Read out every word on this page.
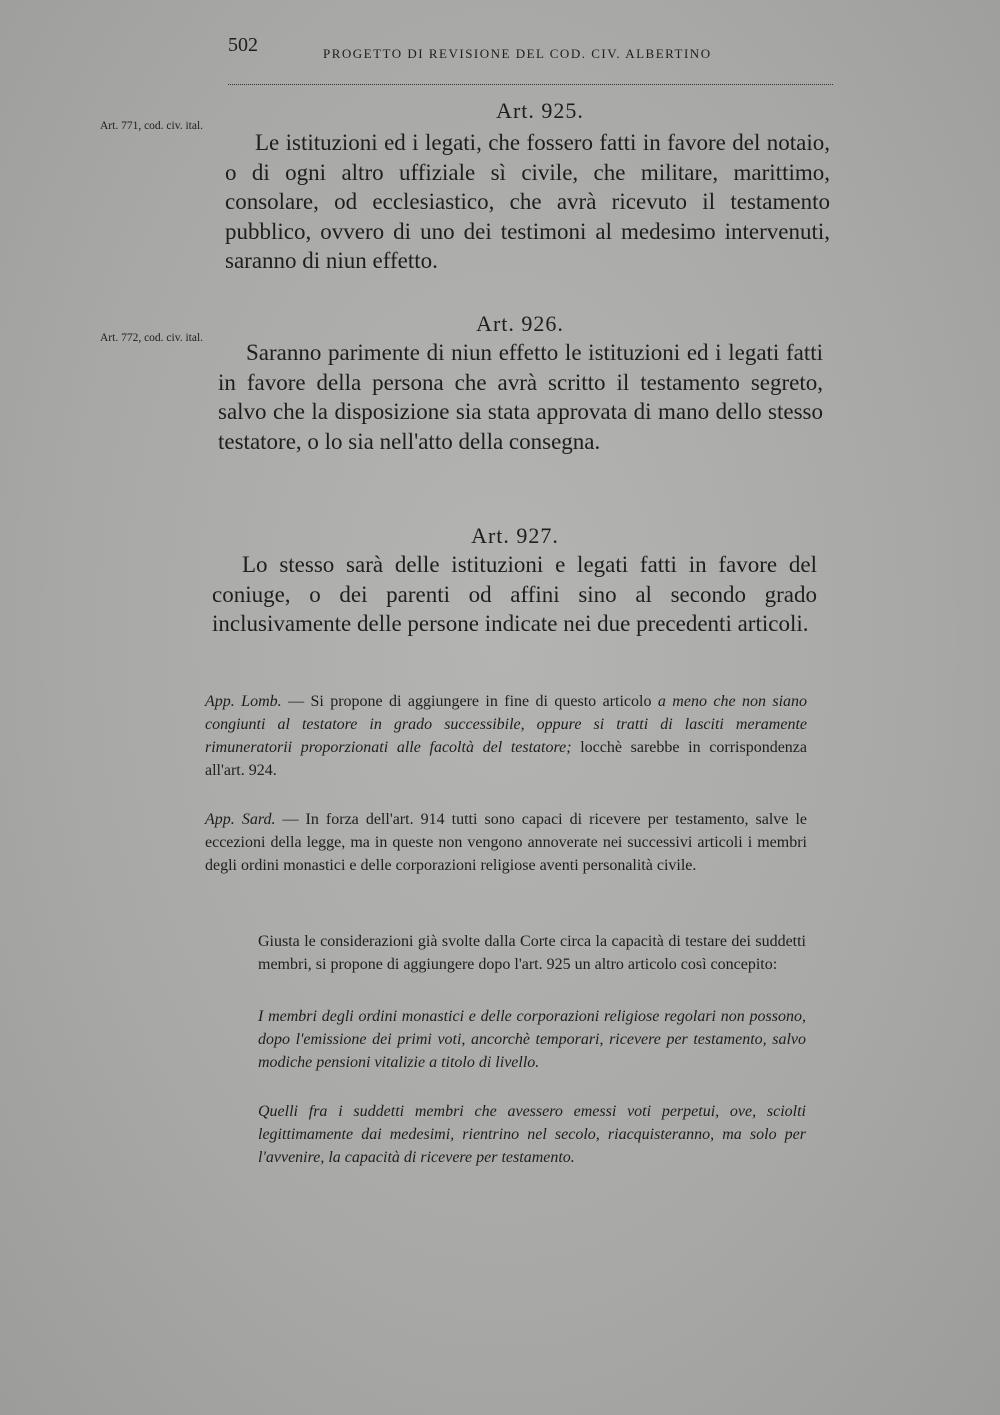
502	PROGETTO DI REVISIONE DEL COD. CIV. ALBERTINO
Art. 771, cod. civ. ital.
Art. 925.

Le istituzioni ed i legati, che fossero fatti in favore del notaio, o di ogni altro uffiziale sì civile, che militare, marittimo, consolare, od ecclesiastico, che avrà ricevuto il testamento pubblico, ovvero di uno dei testimoni al medesimo intervenuti, saranno di niun effetto.

Art. 772, cod. civ. ital.
Art. 926.

Saranno parimente di niun effetto le istituzioni ed i legati fatti in favore della persona che avrà scritto il testamento segreto, salvo che la disposizione sia stata approvata di mano dello stesso testatore, o lo sia nell'atto della consegna.

Art. 927.

Lo stesso sarà delle istituzioni e legati fatti in favore del coniuge, o dei parenti od affini sino al secondo grado inclusivamente delle persone indicate nei due precedenti articoli.

App. Lomb. — Si propone di aggiungere in fine di questo articolo a meno che non siano congiunti al testatore in grado successibile, oppure si tratti di lasciti meramente rimuneratorii proporzionati alle facoltà del testatore; locchè sarebbe in corrispondenza all'art. 924.

App. Sard. — In forza dell'art. 914 tutti sono capaci di ricevere per testamento, salve le eccezioni della legge, ma in queste non vengono annoverate nei successivi articoli i membri degli ordini monastici e delle corporazioni religiose aventi personalità civile.

Giusta le considerazioni già svolte dalla Corte circa la capacità di testare dei suddetti membri, si propone di aggiungere dopo l'art. 925 un altro articolo così concepito:

I membri degli ordini monastici e delle corporazioni religiose regolari non possono, dopo l'emissione dei primi voti, ancorchè temporari, ricevere per testamento, salvo modiche pensioni vitalizie a titolo di livello.

Quelli fra i suddetti membri che avessero emessi voti perpetui, ove, sciolti legittimamente dai medesimi, rientrino nel secolo, riacquisteranno, ma solo per l'avvenire, la capacità di ricevere per testamento.
